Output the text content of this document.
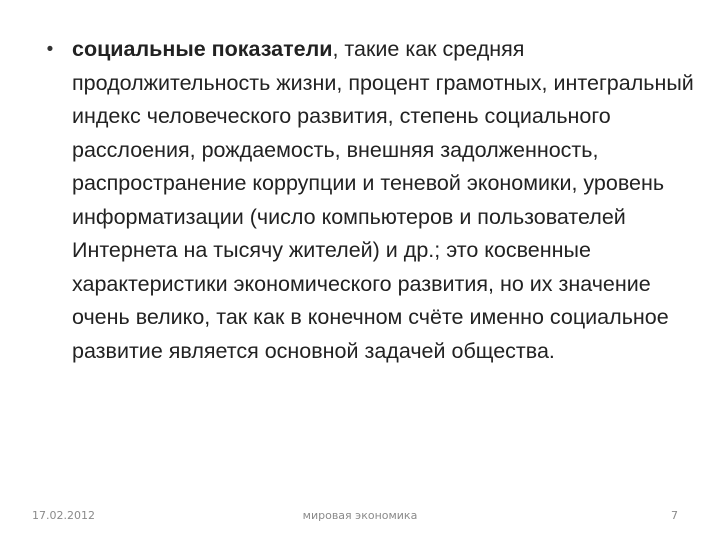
• социальные показатели, такие как средняя продолжительность жизни, процент грамотных, интегральный индекс человеческого развития, степень социального расслоения, рождаемость, внешняя задолженность, распространение коррупции и теневой экономики, уровень информатизации (число компьютеров и пользователей Интернета на тысячу жителей) и др.; это косвенные характеристики экономического развития, но их значение очень велико, так как в конечном счёте именно социальное развитие является основной задачей общества.
17.02.2012	мировая экономика	7
